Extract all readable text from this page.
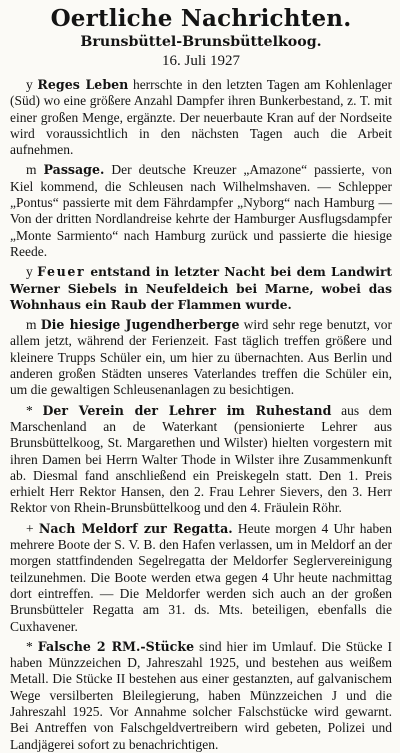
Oertliche Nachrichten.
Brunsbüttel-Brunsbüttelkoog.
16. Juli 1927

y Reges Leben herrschte in den letzten Tagen am Kohlenlager (Süd) wo eine größere Anzahl Dampfer ihren Bunkerbestand, z. T. mit einer großen Menge, ergänzte. Der neuerbaute Kran auf der Nordseite wird voraussichtlich in den nächsten Tagen auch die Arbeit aufnehmen.

m Passage. Der deutsche Kreuzer „Amazone“ passierte, von Kiel kommend, die Schleusen nach Wilhelmshaven. — Schlepper „Pontus“ passierte mit dem Fährdampfer „Nyborg“ nach Hamburg — Von der dritten Nordlandreise kehrte der Hamburger Ausflugsdampfer „Monte Sarmiento“ nach Hamburg zurück und passierte die hiesige Reede.

y Feuer entstand in letzter Nacht bei dem Landwirt Werner Siebels in Neufeldeich bei Marne, wobei das Wohnhaus ein Raub der Flammen wurde.

m Die hiesige Jugendherberge wird sehr rege benutzt, vor allem jetzt, während der Ferienzeit. Fast täglich treffen größere und kleinere Trupps Schüler ein, um hier zu übernachten. Aus Berlin und anderen großen Städten unseres Vaterlandes treffen die Schüler ein, um die gewaltigen Schleusenanlagen zu besichtigen.

* Der Verein der Lehrer im Ruhestand aus dem Marschenland an de Waterkant (pensionierte Lehrer aus Brunsbüttelkoog, St. Margarethen und Wilster) hielten vorgestern mit ihren Damen bei Herrn Walter Thode in Wilster ihre Zusammenkunft ab. Diesmal fand anschließend ein Preiskegeln statt. Den 1. Preis erhielt Herr Rektor Hansen, den 2. Frau Lehrer Sievers, den 3. Herr Rektor von Rhein-Brunsbüttelkoog und den 4. Fräulein Röhr.

+ Nach Meldorf zur Regatta. Heute morgen 4 Uhr haben mehrere Boote der S. V. B. den Hafen verlassen, um in Meldorf an der morgen stattfindenden Segelregatta der Meldorfer Seglervereinigung teilzunehmen. Die Boote werden etwa gegen 4 Uhr heute nachmittag dort eintreffen. — Die Meldorfer werden sich auch an der großen Brunsbütteler Regatta am 31. ds. Mts. beteiligen, ebenfalls die Cuxhavener.

* Falsche 2 RM.-Stücke sind hier im Umlauf. Die Stücke I haben Münzzeichen D, Jahreszahl 1925, und bestehen aus weißem Metall. Die Stücke II bestehen aus einer gestanzten, auf galvanischem Wege versilberten Bleilegierung, haben Münzzeichen J und die Jahreszahl 1925. Vor Annahme solcher Falschstücke wird gewarnt. Bei Antreffen von Falschgeldvertreibern wird gebeten, Polizei und Landjägerei sofort zu benachrichtigen.
